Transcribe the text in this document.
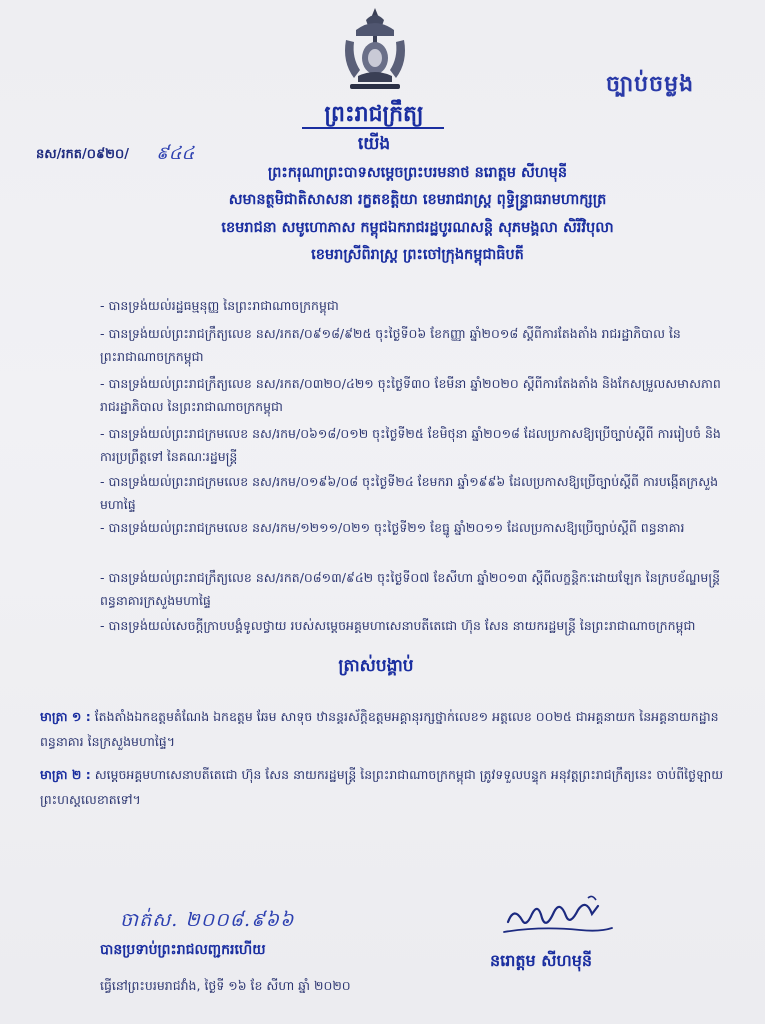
ច្បាប់ចម្លង
ព្រះរាជក្រឹត្យ
យើង
នស/រកត/០៩២០/ ៩៤៤
ព្រះករុណាព្រះបាទសម្តេចព្រះបរមនាថ នរោត្តម សីហមុនី
សមានត្ថមិជាតិសាសនា រក្ខតខត្តិយា ខេមរាជរាស្ត្រ ពុទ្ធិន្ទ្រាធរាមហាក្សត្រ
ខេមរាជនា សមូហោភាស កម្ពុជឯករាជរដ្ឋបូរណសន្តិ សុភមង្គលា សិរីវិបុលា
ខេមរាស្រីពិរាស្ត្រ ព្រះចៅក្រុងកម្ពុជាធិបតី
- បានទ្រង់យល់រដ្ឋធម្មនុញ្ញ នៃព្រះរាជាណាចក្រកម្ពុជា
- បានទ្រង់យល់ព្រះរាជក្រឹត្យលេខ នស/រកត/០៩១៨/៩២៥ ចុះថ្ងៃទី០៦ ខែកញ្ញា ឆ្នាំ២០១៨ ស្តីពីការតែងតាំង រាជរដ្ឋាភិបាល នៃព្រះរាជាណាចក្រកម្ពុជា
- បានទ្រង់យល់ព្រះរាជក្រឹត្យលេខ នស/រកត/០៣២០/៤២១ ចុះថ្ងៃទី៣០ ខែមីនា ឆ្នាំ២០២០ ស្តីពីការតែងតាំង និងកែសម្រួលសមាសភាពរាជរដ្ឋាភិបាល នៃព្រះរាជាណាចក្រកម្ពុជា
- បានទ្រង់យល់ព្រះរាជក្រមលេខ នស/រកម/០៦១៨/០១២ ចុះថ្ងៃទី២៥ ខែមិថុនា ឆ្នាំ២០១៨ ដែលប្រកាសឱ្យប្រើច្បាប់ស្តីពី ការរៀបចំ និងការប្រព្រឹត្តទៅ នៃគណៈរដ្ឋមន្ត្រី
- បានទ្រង់យល់ព្រះរាជក្រមលេខ នស/រកម/០១៩៦/០៨ ចុះថ្ងៃទី២៤ ខែមករា ឆ្នាំ១៩៩៦ ដែលប្រកាសឱ្យប្រើច្បាប់ស្តីពី ការបង្កើតក្រសួងមហាផ្ទៃ
- បានទ្រង់យល់ព្រះរាជក្រមលេខ នស/រកម/១២១១/០២១ ចុះថ្ងៃទី២១ ខែធ្នូ ឆ្នាំ២០១១ ដែលប្រកាសឱ្យប្រើច្បាប់ស្តីពី ពន្ធនាគារ
- បានទ្រង់យល់ព្រះរាជក្រឹត្យលេខ នស/រកត/០៨១៣/៩៤២ ចុះថ្ងៃទី០៧ ខែសីហា ឆ្នាំ២០១៣ ស្តីពីលក្ខន្តិកៈដោយឡែក នៃក្របខ័ណ្ឌមន្ត្រីពន្ធនាគារក្រសួងមហាផ្ទៃ
- បានទ្រង់យល់សេចក្តីក្រាបបង្គំទូលថ្វាយ របស់សម្តេចអគ្គមហាសេនាបតីតេជោ ហ៊ុន សែន នាយករដ្ឋមន្ត្រី នៃព្រះរាជាណាចក្រកម្ពុជា
ត្រាស់បង្គាប់
មាត្រា ១ : តែងតាំងឯកឧត្តមតំណែង ឯកឧត្តម ឆែម សាទុច ឋានន្តរស័ក្តិឧត្តមអគ្គានុរក្សថ្នាក់លេខ១ អត្តលេខ ០០២៥ ជាអគ្គនាយក នៃអគ្គនាយកដ្ឋានពន្ធនាគារ នៃក្រសួងមហាផ្ទៃ។
មាត្រា ២ : សម្តេចអគ្គមហាសេនាបតីតេជោ ហ៊ុន សែន នាយករដ្ឋមន្ត្រី នៃព្រះរាជាណាចក្រកម្ពុជា ត្រូវទទួលបន្ទុក អនុវត្តព្រះរាជក្រឹត្យនេះ ចាប់ពីថ្ងៃឡាយព្រះហស្តលេខាតទៅ។
ចាត់ស. ២០០៨.៩៦៦
បានប្រទាប់ព្រះរាជលញ្ជករហើយ
ធ្វើនៅព្រះបរមរាជវាំង, ថ្ងៃទី ១៦ ខែ សីហា ឆ្នាំ ២០២០
នរោត្តម សីហមុនី
